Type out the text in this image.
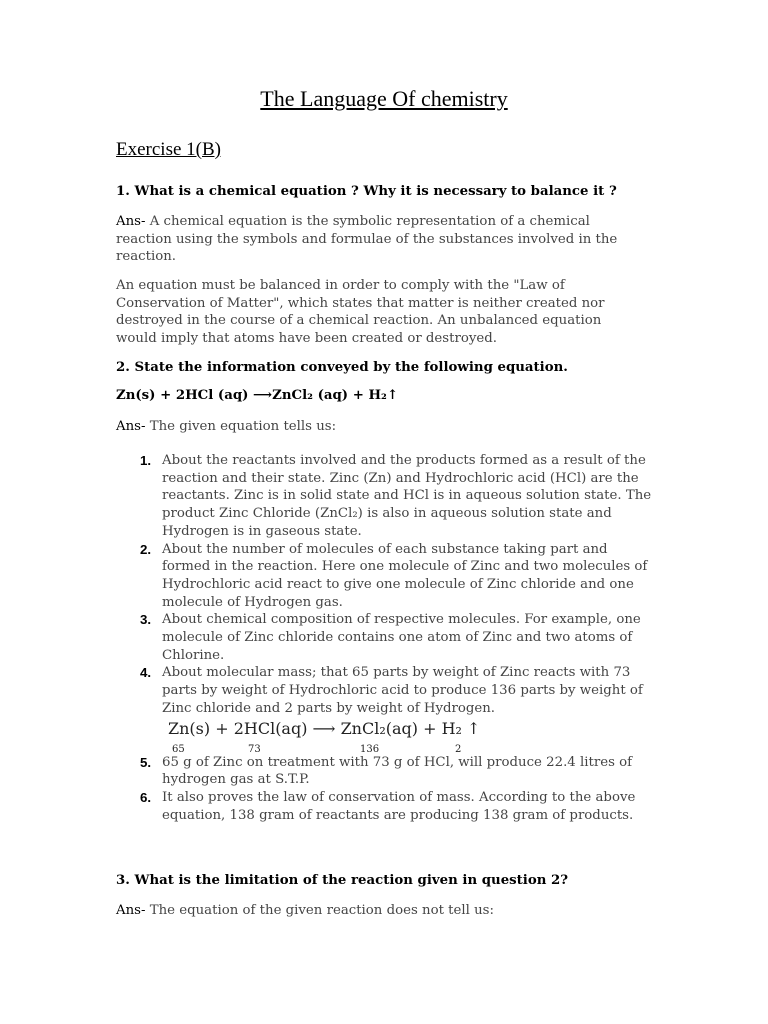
The Language Of chemistry
Exercise 1(B)
1. What is a chemical equation ? Why it is necessary to balance it ?
Ans- A chemical equation is the symbolic representation of a chemical reaction using the symbols and formulae of the substances involved in the reaction.
An equation must be balanced in order to comply with the "Law of Conservation of Matter", which states that matter is neither created nor destroyed in the course of a chemical reaction. An unbalanced equation would imply that atoms have been created or destroyed.
2. State the information conveyed by the following equation.
Zn(s) + 2HCl (aq) ⟶ZnCl₂ (aq) + H₂↑
Ans- The given equation tells us:
1. About the reactants involved and the products formed as a result of the reaction and their state. Zinc (Zn) and Hydrochloric acid (HCl) are the reactants. Zinc is in solid state and HCl is in aqueous solution state. The product Zinc Chloride (ZnCl₂) is also in aqueous solution state and Hydrogen is in gaseous state.
2. About the number of molecules of each substance taking part and formed in the reaction. Here one molecule of Zinc and two molecules of Hydrochloric acid react to give one molecule of Zinc chloride and one molecule of Hydrogen gas.
3. About chemical composition of respective molecules. For example, one molecule of Zinc chloride contains one atom of Zinc and two atoms of Chlorine.
4. About molecular mass; that 65 parts by weight of Zinc reacts with 73 parts by weight of Hydrochloric acid to produce 136 parts by weight of Zinc chloride and 2 parts by weight of Hydrogen.
Zn(s) + 2HCl(aq) ⟶ ZnCl₂(aq) + H₂ ↑
65	73	136	2
5. 65 g of Zinc on treatment with 73 g of HCl, will produce 22.4 litres of hydrogen gas at S.T.P.
6. It also proves the law of conservation of mass. According to the above equation, 138 gram of reactants are producing 138 gram of products.
3. What is the limitation of the reaction given in question 2?
Ans- The equation of the given reaction does not tell us:
